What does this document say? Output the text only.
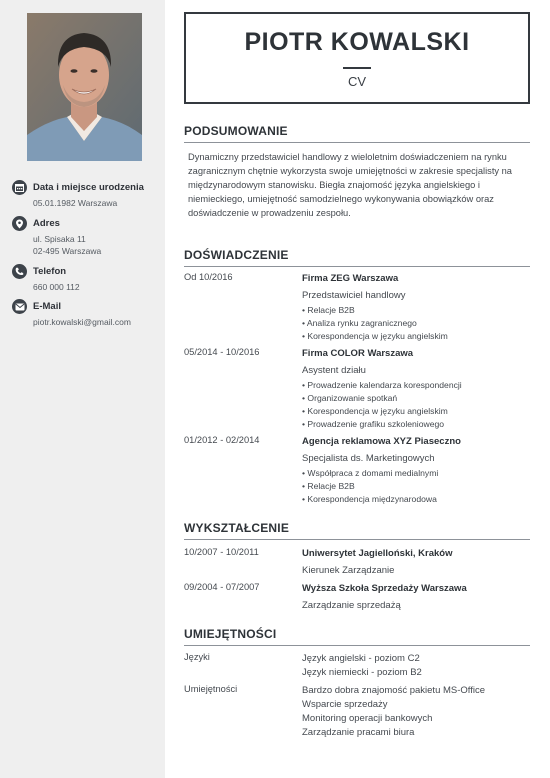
Data i miejsce urodzenia
05.01.1982 Warszawa
Adres
ul. Spisaka 11
02-495 Warszawa
Telefon
660 000 112
E-Mail
piotr.kowalski@gmail.com
PIOTR KOWALSKI
CV
PODSUMOWANIE
Dynamiczny przedstawiciel handlowy z wieloletnim doświadczeniem na rynku zagranicznym chętnie wykorzysta swoje umiejętności w zakresie specjalisty na międzynarodowym stanowisku. Biegła znajomość języka angielskiego i niemieckiego, umiejętność samodzielnego wykonywania obowiązków oraz doświadczenie w prowadzeniu zespołu.
DOŚWIADCZENIE
Od 10/2016	Firma ZEG Warszawa
Przedstawiciel handlowy
• Relacje B2B
• Analiza rynku zagranicznego
• Korespondencja w języku angielskim
05/2014 - 10/2016	Firma COLOR Warszawa
Asystent działu
• Prowadzenie kalendarza korespondencji
• Organizowanie spotkań
• Korespondencja w języku angielskim
• Prowadzenie grafiku szkoleniowego
01/2012 - 02/2014	Agencja reklamowa XYZ Piaseczno
Specjalista ds. Marketingowych
• Współpraca z domami medialnymi
• Relacje B2B
• Korespondencja międzynarodowa
WYKSZTAŁCENIE
10/2007 - 10/2011	Uniwersytet Jagielloński, Kraków
Kierunek Zarządzanie
09/2004 - 07/2007	Wyższa Szkoła Sprzedaży Warszawa
Zarządzanie sprzedażą
UMIEJĘTNOŚCI
Języki	Język angielski - poziom C2
Język niemiecki - poziom B2
Umiejętności	Bardzo dobra znajomość pakietu MS-Office
Wsparcie sprzedaży
Monitoring operacji bankowych
Zarządzanie pracami biura
